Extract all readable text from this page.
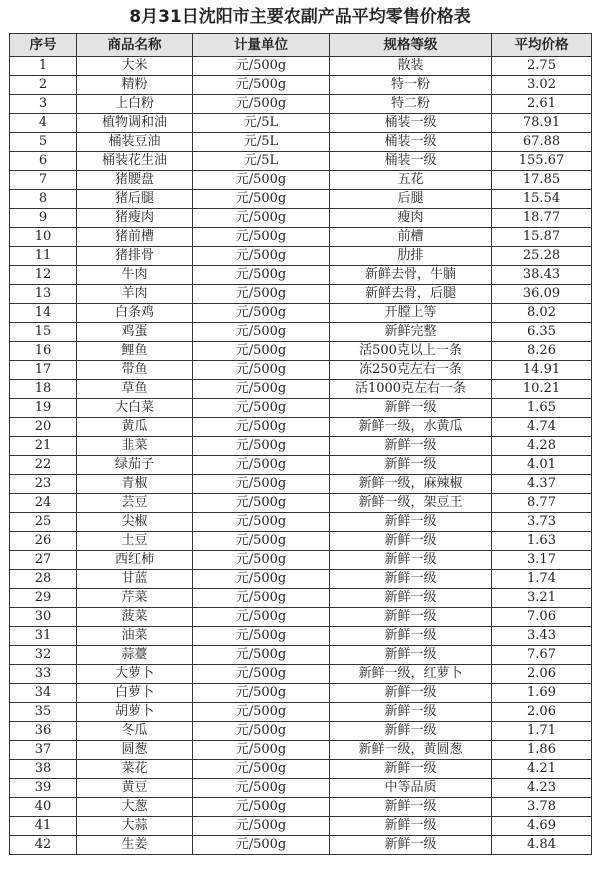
8月31日沈阳市主要农副产品平均零售价格表
序号	商品名称	计量单位	规格等级	平均价格
1	大米	元/500g	散装	2.75
2	精粉	元/500g	特一粉	3.02
3	上白粉	元/500g	特二粉	2.61
4	植物调和油	元/5L	桶装一级	78.91
5	桶装豆油	元/5L	桶装一级	67.88
6	桶装花生油	元/5L	桶装一级	155.67
7	猪腰盘	元/500g	五花	17.85
8	猪后腿	元/500g	后腿	15.54
9	猪瘦肉	元/500g	瘦肉	18.77
10	猪前槽	元/500g	前槽	15.87
11	猪排骨	元/500g	肋排	25.28
12	牛肉	元/500g	新鲜去骨，牛腩	38.43
13	羊肉	元/500g	新鲜去骨，后腿	36.09
14	白条鸡	元/500g	开膛上等	8.02
15	鸡蛋	元/500g	新鲜完整	6.35
16	鲤鱼	元/500g	活500克以上一条	8.26
17	带鱼	元/500g	冻250克左右一条	14.91
18	草鱼	元/500g	活1000克左右一条	10.21
19	大白菜	元/500g	新鲜一级	1.65
20	黄瓜	元/500g	新鲜一级，水黄瓜	4.74
21	韭菜	元/500g	新鲜一级	4.28
22	绿茄子	元/500g	新鲜一级	4.01
23	青椒	元/500g	新鲜一级，麻辣椒	4.37
24	芸豆	元/500g	新鲜一级，架豆王	8.77
25	尖椒	元/500g	新鲜一级	3.73
26	土豆	元/500g	新鲜一级	1.63
27	西红柿	元/500g	新鲜一级	3.17
28	甘蓝	元/500g	新鲜一级	1.74
29	芹菜	元/500g	新鲜一级	3.21
30	菠菜	元/500g	新鲜一级	7.06
31	油菜	元/500g	新鲜一级	3.43
32	蒜薹	元/500g	新鲜一级	7.67
33	大萝卜	元/500g	新鲜一级，红萝卜	2.06
34	白萝卜	元/500g	新鲜一级	1.69
35	胡萝卜	元/500g	新鲜一级	2.06
36	冬瓜	元/500g	新鲜一级	1.71
37	圆葱	元/500g	新鲜一级，黄圆葱	1.86
38	菜花	元/500g	新鲜一级	4.21
39	黄豆	元/500g	中等品质	4.23
40	大葱	元/500g	新鲜一级	3.78
41	大蒜	元/500g	新鲜一级	4.69
42	生姜	元/500g	新鲜一级	4.84
